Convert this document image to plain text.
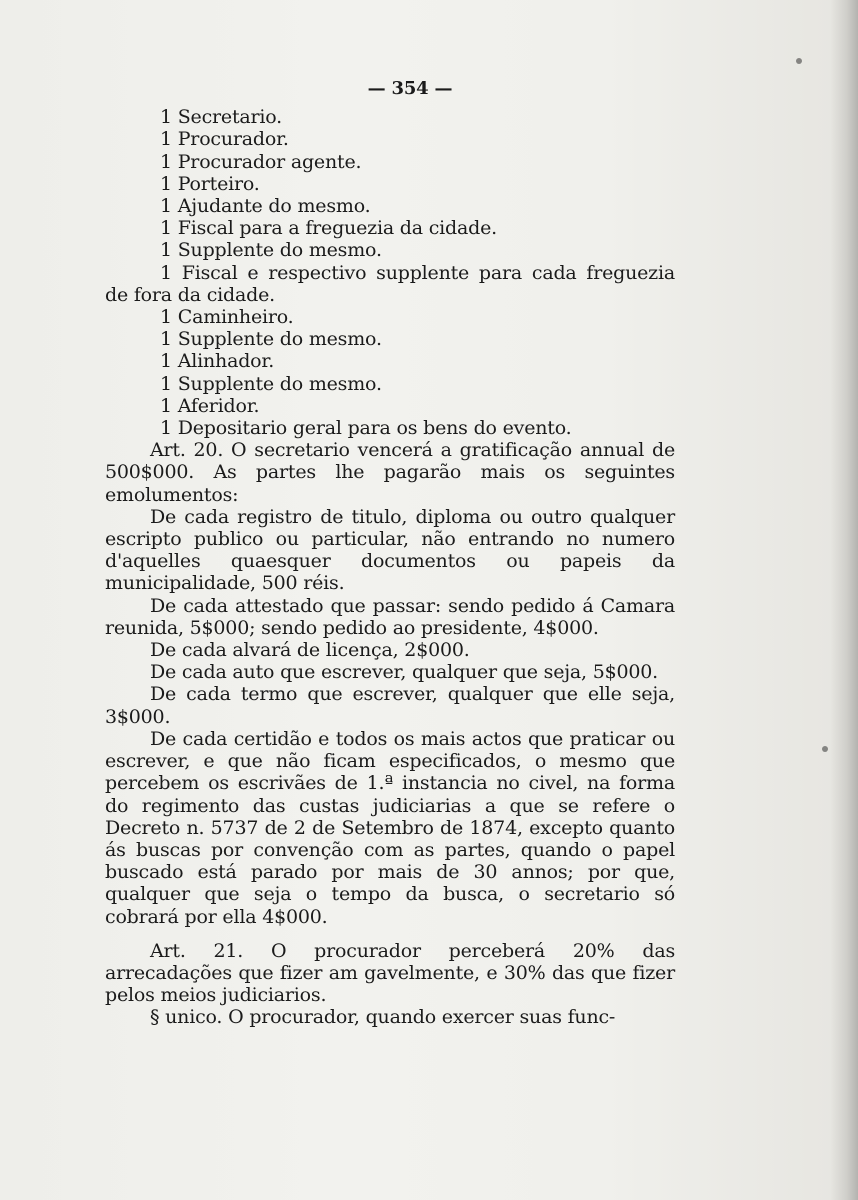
— 354 —

1 Secretario.

1 Procurador.

1 Procurador agente.

1 Porteiro.

1 Ajudante do mesmo.

1 Fiscal para a freguezia da cidade.

1 Supplente do mesmo.

1 Fiscal e respectivo supplente para cada freguezia de fora da cidade.

1 Caminheiro.

1 Supplente do mesmo.

1 Alinhador.

1 Supplente do mesmo.

1 Aferidor.

1 Depositario geral para os bens do evento.

Art. 20. O secretario vencerá a gratificação annual de 500$000. As partes lhe pagarão mais os seguintes emolumentos:

De cada registro de titulo, diploma ou outro qualquer escripto publico ou particular, não entrando no numero d'aquelles quaesquer documentos ou papeis da municipalidade, 500 réis.

De cada attestado que passar: sendo pedido á Camara reunida, 5$000; sendo pedido ao presidente, 4$000.

De cada alvará de licença, 2$000.

De cada auto que escrever, qualquer que seja, 5$000.

De cada termo que escrever, qualquer que elle seja, 3$000.

De cada certidão e todos os mais actos que praticar ou escrever, e que não ficam especificados, o mesmo que percebem os escrivães de 1.ª instancia no civel, na forma do regimento das custas judiciarias a que se refere o Decreto n. 5737 de 2 de Setembro de 1874, excepto quanto ás buscas por convenção com as partes, quando o papel buscado está parado por mais de 30 annos; por que, qualquer que seja o tempo da busca, o secretario só cobrará por ella 4$000.

Art. 21. O procurador perceberá 20% das arrecadações que fizer am gavelmente, e 30% das que fizer pelos meios judiciarios.

§ unico. O procurador, quando exercer suas func-
